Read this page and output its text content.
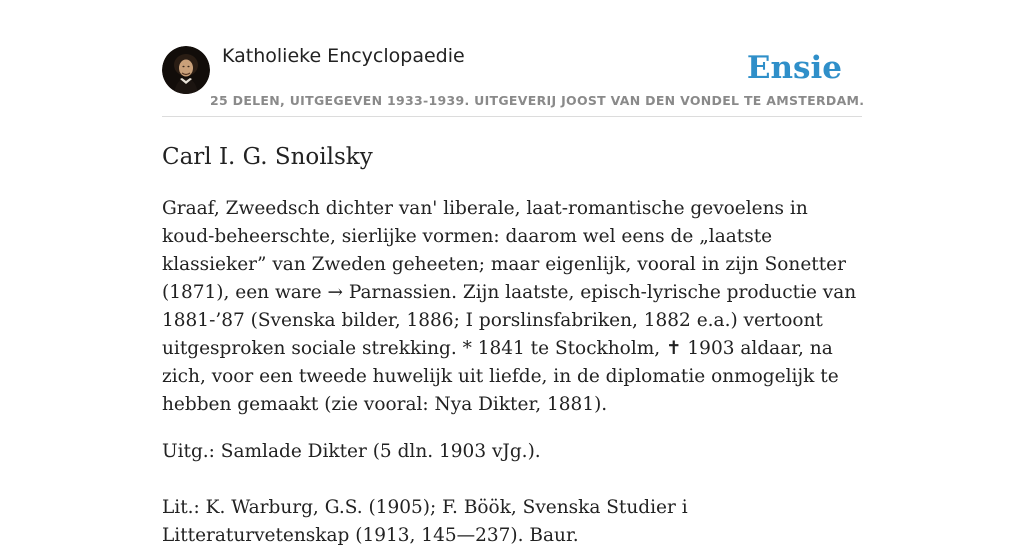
Katholieke Encyclopaedie	Ensie
25 DELEN, UITGEGEVEN 1933-1939. UITGEVERIJ JOOST VAN DEN VONDEL TE AMSTERDAM.
Carl I. G. Snoilsky

Graaf, Zweedsch dichter van' liberale, laat-romantische gevoelens in koud-beheerschte, sierlijke vormen: daarom wel eens de „laatste klassieker” van Zweden geheeten; maar eigenlijk, vooral in zijn Sonetter (1871), een ware → Parnassien. Zijn laatste, episch-lyrische productie van 1881-’87 (Svenska bilder, 1886; I porslinsfabriken, 1882 e.a.) vertoont uitgesproken sociale strekking. * 1841 te Stockholm, ✝ 1903 aldaar, na zich, voor een tweede huwelijk uit liefde, in de diplomatie onmogelijk te hebben gemaakt (zie vooral: Nya Dikter, 1881).

Uitg.: Samlade Dikter (5 dln. 1903 vJg.).

Lit.: K. Warburg, G.S. (1905); F. Böök, Svenska Studier i Litteraturvetenskap (1913, 145—237). Baur.
